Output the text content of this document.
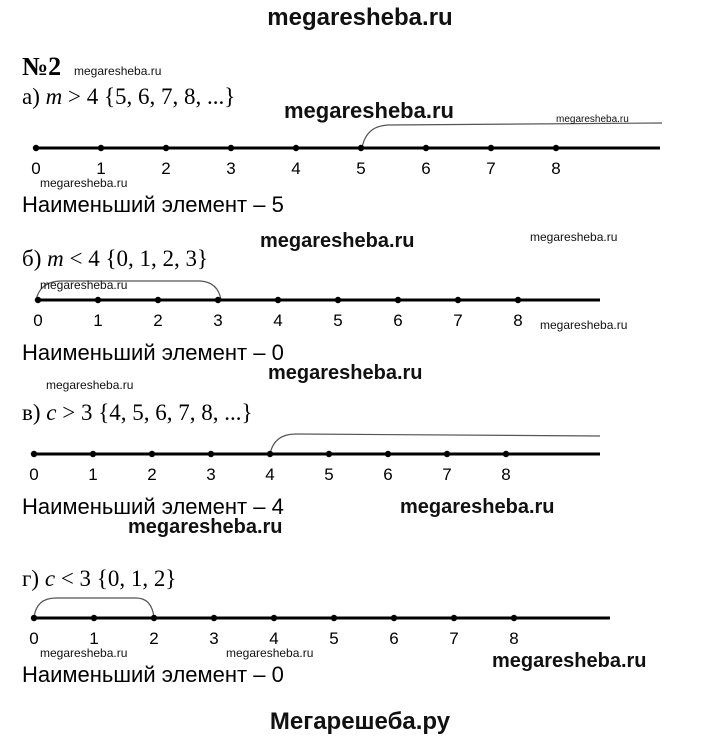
megaresheba.ru
№2
а) m > 4 {5, 6, 7, 8, ...}
0	1	2	3	4	5	6	7	8
Наименьший элемент – 5
б) m < 4 {0, 1, 2, 3}
0	1	2	3	4	5	6	7	8
Наименьший элемент – 0
в) c > 3 {4, 5, 6, 7, 8, ...}
0	1	2	3	4	5	6	7	8
Наименьший элемент – 4
г) c < 3 {0, 1, 2}
0	1	2	3	4	5	6	7	8
Наименьший элемент – 0
megaresheba.ru
megaresheba.ru	megaresheba.ru
megaresheba.ru
megaresheba.ru	megaresheba.ru
megaresheba.ru
megaresheba.ru
megaresheba.ru
megaresheba.ru
megaresheba.ru
megaresheba.ru
megaresheba.ru	megaresheba.ru	megaresheba.ru
Мегарешеба.ру
